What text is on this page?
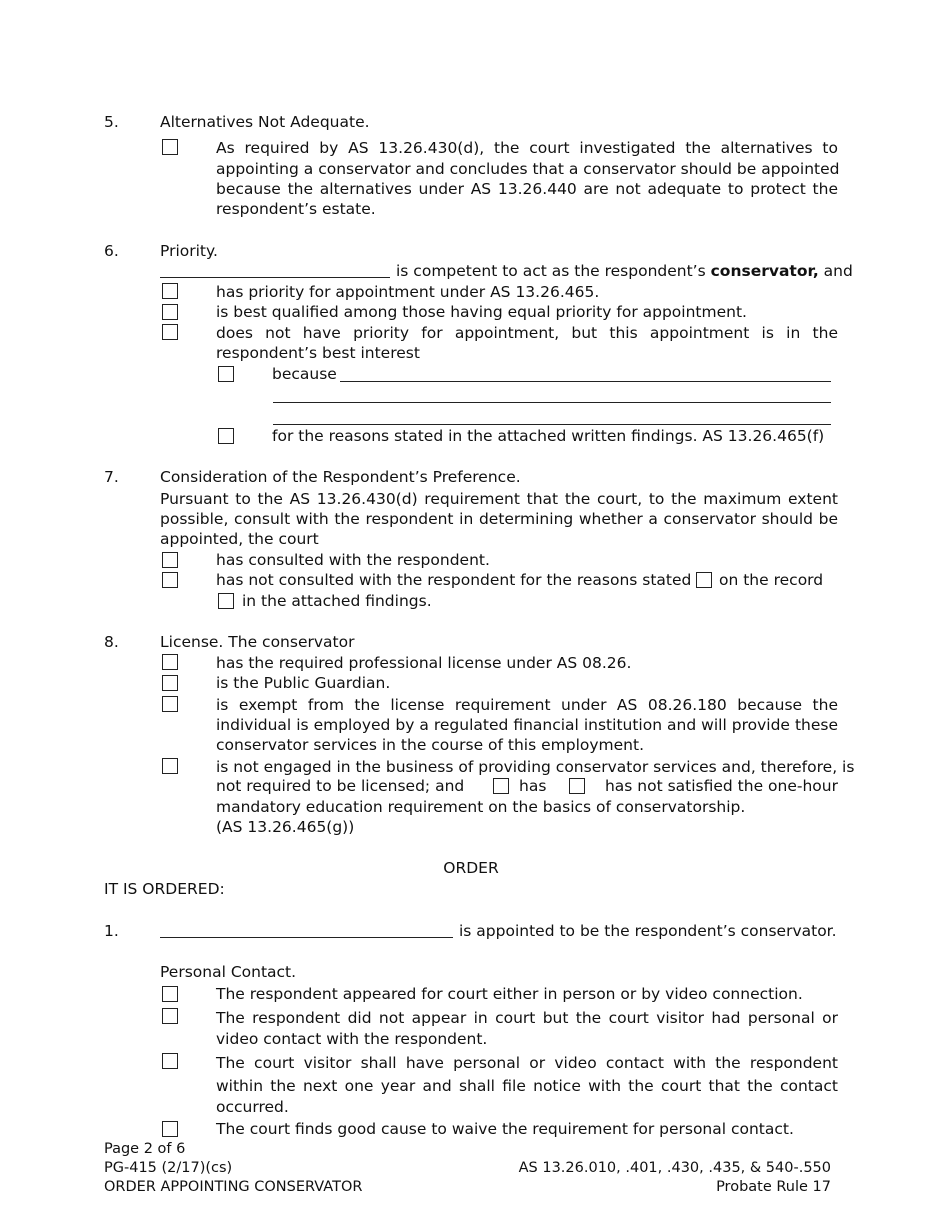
5.	Alternatives Not Adequate.
As required by AS 13.26.430(d), the court investigated the alternatives to
appointing a conservator and concludes that a conservator should be appointed
because the alternatives under AS 13.26.440 are not adequate to protect the
respondent’s estate.
6.	Priority.
is competent to act as the respondent’s conservator, and
has priority for appointment under AS 13.26.465.
is best qualified among those having equal priority for appointment.
does not have priority for appointment, but this appointment is in the
respondent’s best interest
because
for the reasons stated in the attached written findings. AS 13.26.465(f)
7.	Consideration of the Respondent’s Preference.
Pursuant to the AS 13.26.430(d) requirement that the court, to the maximum extent
possible, consult with the respondent in determining whether a conservator should be
appointed, the court
has consulted with the respondent.
has not consulted with the respondent for the reasons stated on the record
in the attached findings.
8.	License. The conservator
has the required professional license under AS 08.26.
is the Public Guardian.
is exempt from the license requirement under AS 08.26.180 because the
individual is employed by a regulated financial institution and will provide these
conservator services in the course of this employment.
is not engaged in the business of providing conservator services and, therefore, is
not required to be licensed; and	has	has not satisfied the one-hour
mandatory education requirement on the basics of conservatorship.
(AS 13.26.465(g))
ORDER
IT IS ORDERED:
1.	is appointed to be the respondent’s conservator.
Personal Contact.
The respondent appeared for court either in person or by video connection.
The respondent did not appear in court but the court visitor had personal or
video contact with the respondent.
The court visitor shall have personal or video contact with the respondent
within the next one year and shall file notice with the court that the contact
occurred.
The court finds good cause to waive the requirement for personal contact.
Page 2 of 6
PG-415 (2/17)(cs)
ORDER APPOINTING CONSERVATOR
AS 13.26.010, .401, .430, .435, & 540-.550
Probate Rule 17
